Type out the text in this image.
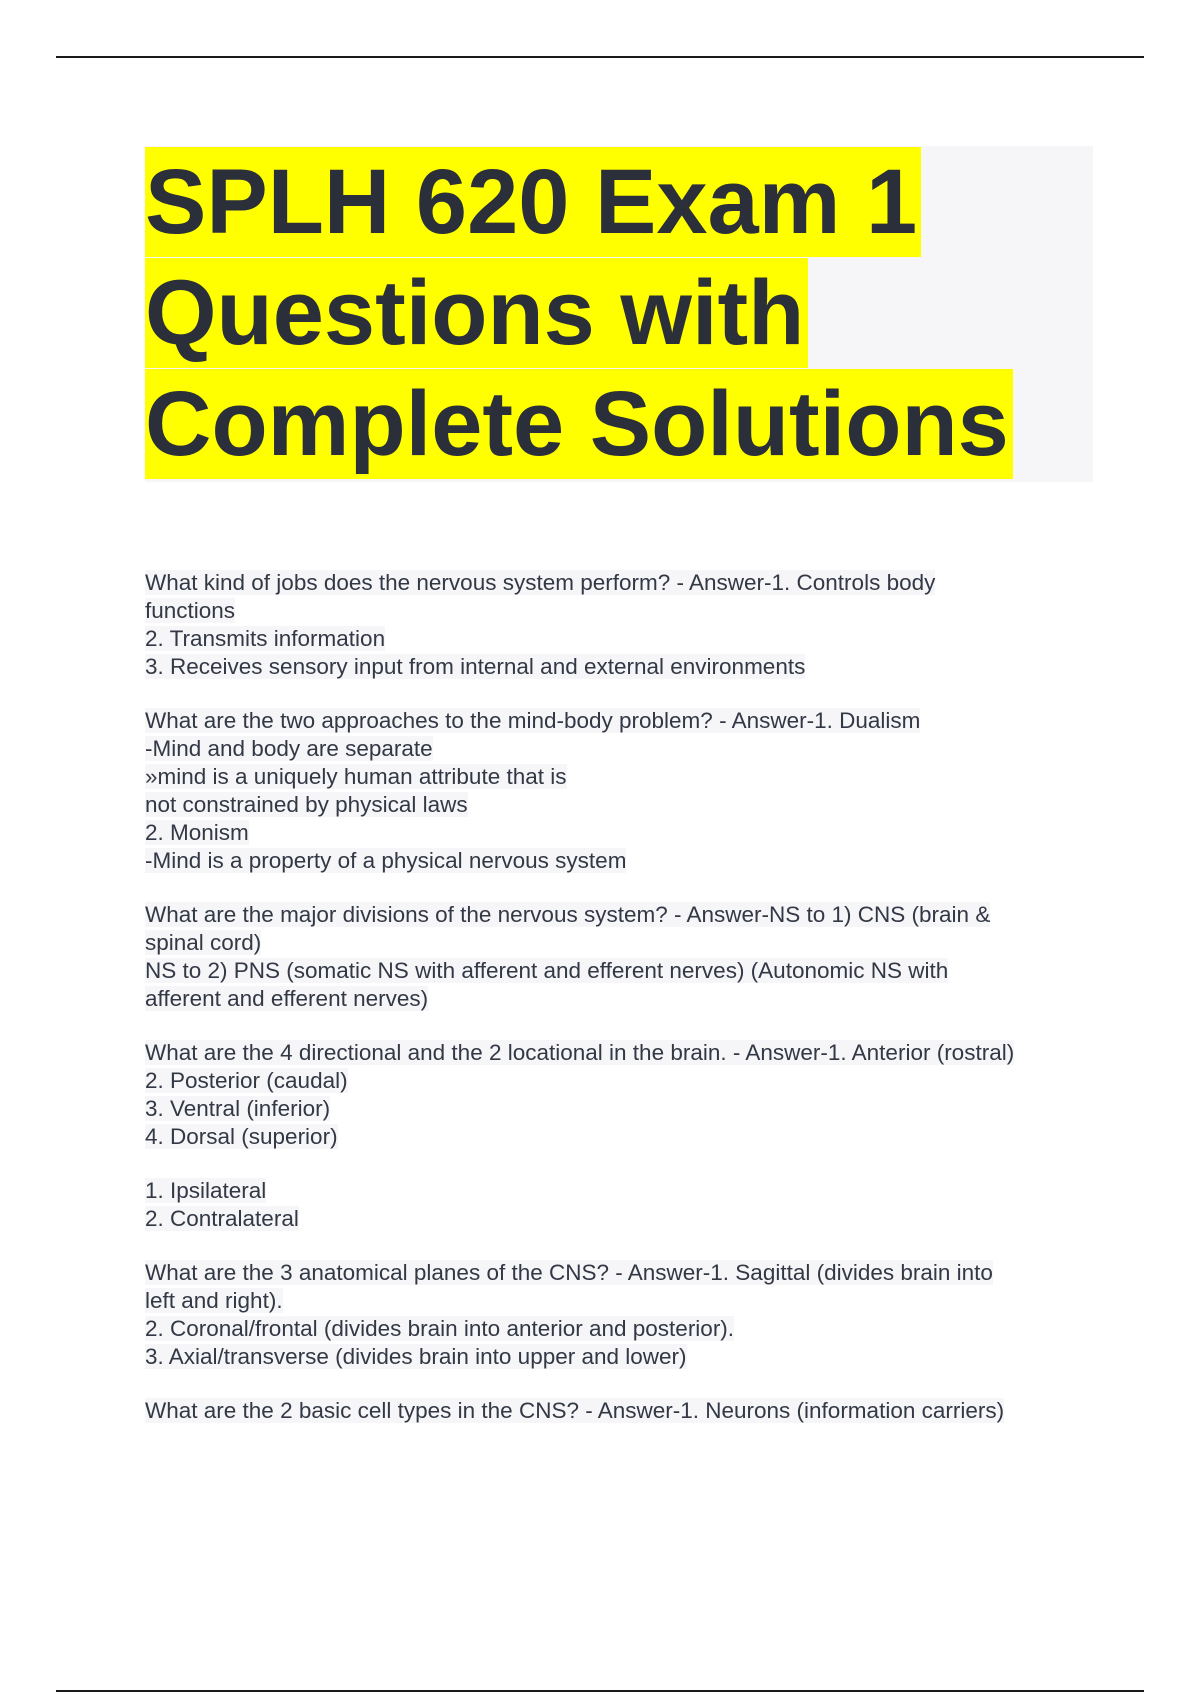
SPLH 620 Exam 1
Questions with
Complete Solutions
What kind of jobs does the nervous system perform? - Answer-1. Controls body
functions
2. Transmits information
3. Receives sensory input from internal and external environments
What are the two approaches to the mind-body problem? - Answer-1. Dualism
-Mind and body are separate
»mind is a uniquely human attribute that is
not constrained by physical laws
2. Monism
-Mind is a property of a physical nervous system
What are the major divisions of the nervous system? - Answer-NS to 1) CNS (brain &
spinal cord)
NS to 2) PNS (somatic NS with afferent and efferent nerves) (Autonomic NS with
afferent and efferent nerves)
What are the 4 directional and the 2 locational in the brain. - Answer-1. Anterior (rostral)
2. Posterior (caudal)
3. Ventral (inferior)
4. Dorsal (superior)
1. Ipsilateral
2. Contralateral
What are the 3 anatomical planes of the CNS? - Answer-1. Sagittal (divides brain into
left and right).
2. Coronal/frontal (divides brain into anterior and posterior).
3. Axial/transverse (divides brain into upper and lower)
What are the 2 basic cell types in the CNS? - Answer-1. Neurons (information carriers)
